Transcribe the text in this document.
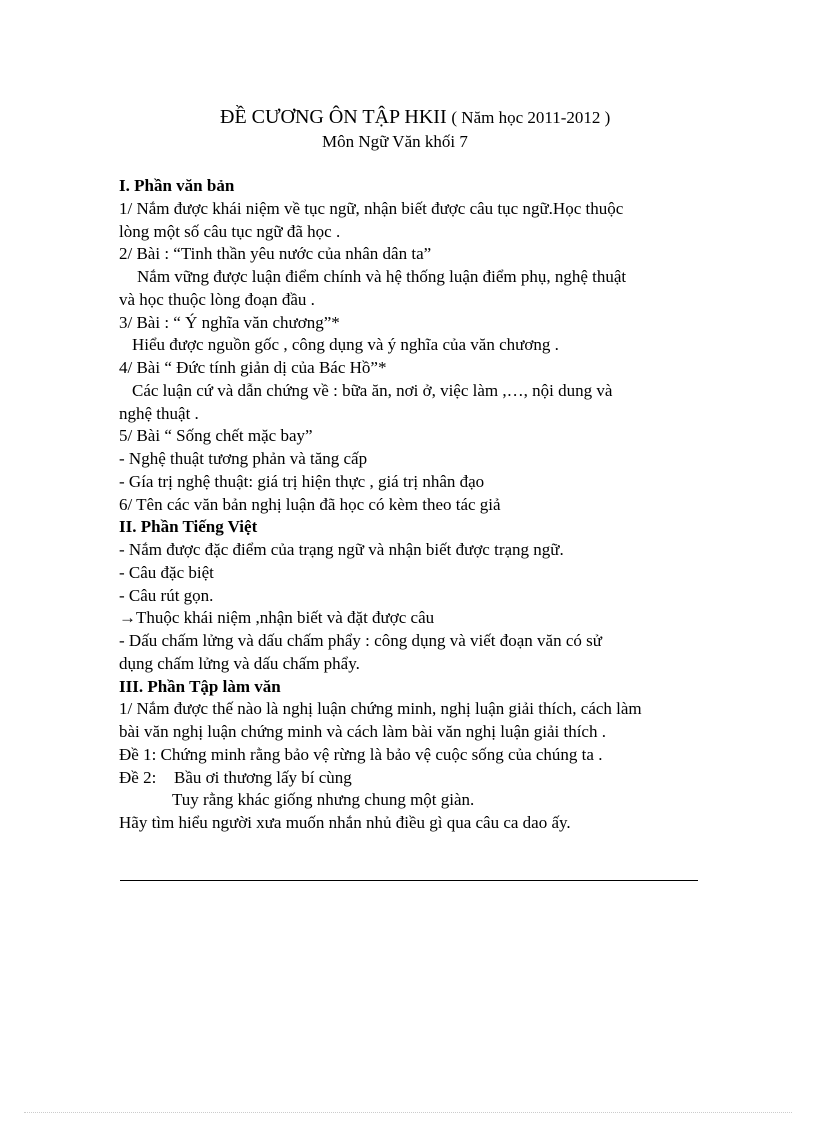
ĐỀ CƯƠNG ÔN TẬP HKII ( Năm học 2011-2012 )
Môn Ngữ Văn khối 7
I. Phần văn bản
1/ Nắm được khái niệm về tục ngữ, nhận biết được câu tục ngữ.Học thuộc
lòng một số câu tục ngữ đã học .
2/ Bài : “Tinh thần yêu nước của nhân dân ta”
Nắm vững được luận điểm chính và hệ thống luận điểm phụ, nghệ thuật
và học thuộc lòng đoạn đầu .
3/ Bài : “ Ý nghĩa văn chương”*
Hiểu được nguồn gốc , công dụng và ý nghĩa của văn chương .
4/ Bài “ Đức tính giản dị của Bác Hồ”*
Các luận cứ và dẫn chứng về : bữa ăn, nơi ở, việc làm ,…, nội dung và
nghệ thuật .
5/ Bài “ Sống chết mặc bay”
- Nghệ thuật tương phản và tăng cấp
- Gía trị nghệ thuật: giá trị hiện thực , giá trị nhân đạo
6/ Tên các văn bản nghị luận đã học có kèm theo tác giả
II. Phần Tiếng Việt
- Nắm được đặc điểm của trạng ngữ và nhận biết được trạng ngữ.
- Câu đặc biệt
- Câu rút gọn.
→Thuộc khái niệm ,nhận biết và đặt được câu
- Dấu chấm lửng và dấu chấm phẩy : công dụng và viết đoạn văn có sử
dụng chấm lửng và dấu chấm phẩy.
III. Phần Tập làm văn
1/ Nắm được thế nào là nghị luận chứng minh, nghị luận giải thích, cách làm
bài văn nghị luận chứng minh và cách làm bài văn nghị luận giải thích .
Đề 1: Chứng minh rằng bảo vệ rừng là bảo vệ cuộc sống của chúng ta .
Đề 2: Bầu ơi thương lấy bí cùng
Tuy rằng khác giống nhưng chung một giàn.
Hãy tìm hiểu người xưa muốn nhắn nhủ điều gì qua câu ca dao ấy.
